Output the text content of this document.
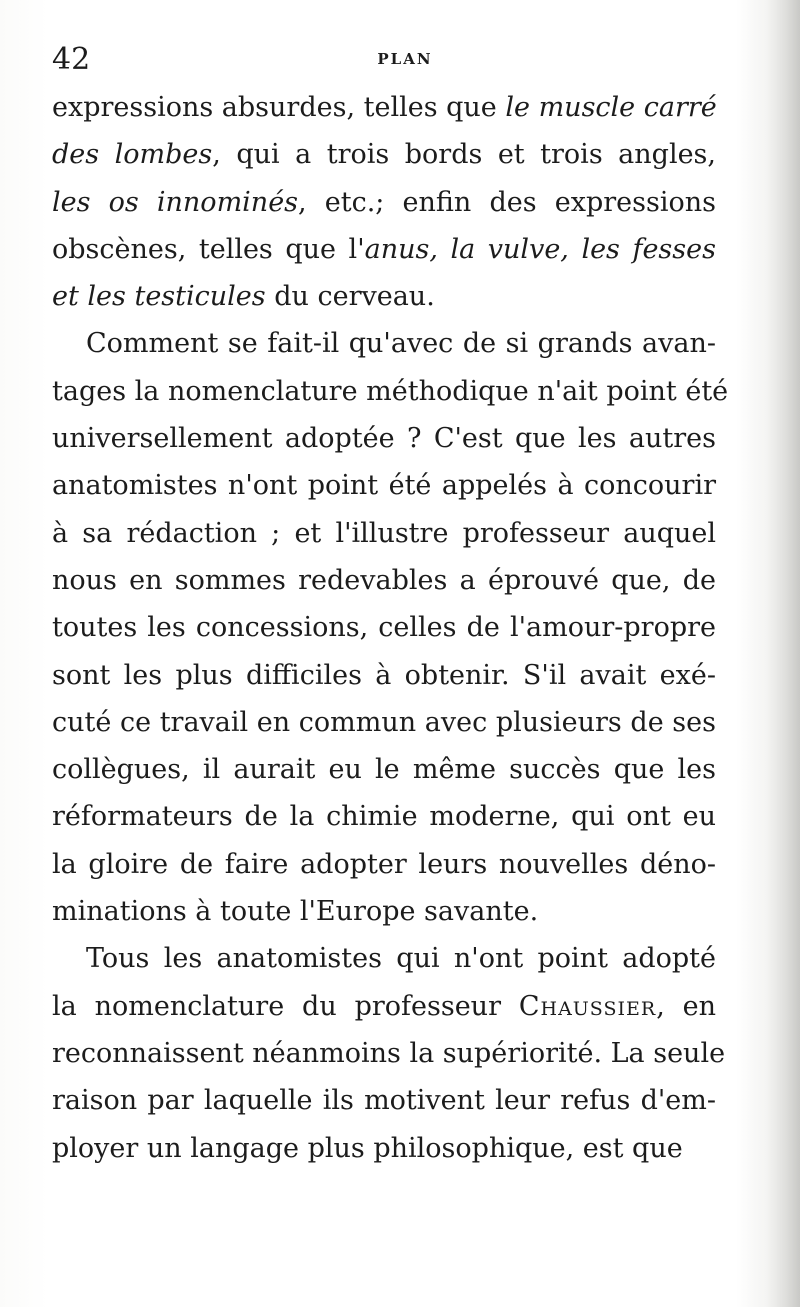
42	PLAN
expressions absurdes, telles que le muscle carré
des lombes, qui a trois bords et trois angles,
les os innominés, etc.; enfin des expressions
obscènes, telles que l'anus, la vulve, les fesses
et les testicules du cerveau.
Comment se fait-il qu'avec de si grands avan-
tages la nomenclature méthodique n'ait point été
universellement adoptée ? C'est que les autres
anatomistes n'ont point été appelés à concourir
à sa rédaction ; et l'illustre professeur auquel
nous en sommes redevables a éprouvé que, de
toutes les concessions, celles de l'amour-propre
sont les plus difficiles à obtenir. S'il avait exé-
cuté ce travail en commun avec plusieurs de ses
collègues, il aurait eu le même succès que les
réformateurs de la chimie moderne, qui ont eu
la gloire de faire adopter leurs nouvelles déno-
minations à toute l'Europe savante.
Tous les anatomistes qui n'ont point adopté
la nomenclature du professeur Chaussier, en
reconnaissent néanmoins la supériorité. La seule
raison par laquelle ils motivent leur refus d'em-
ployer un langage plus philosophique, est que
